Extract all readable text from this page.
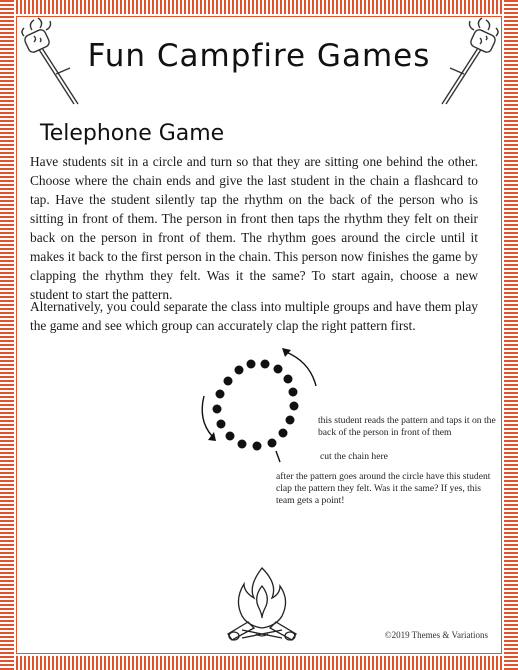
Fun Campfire Games
Telephone Game
Have students sit in a circle and turn so that they are sitting one behind the other. Choose where the chain ends and give the last student in the chain a flashcard to tap. Have the student silently tap the rhythm on the back of the person who is sitting in front of them. The person in front then taps the rhythm they felt on their back on the person in front of them. The rhythm goes around the circle until it makes it back to the first person in the chain. This person now finishes the game by clapping the rhythm they felt. Was it the same? To start again, choose a new student to start the pattern.
Alternatively, you could separate the class into multiple groups and have them play the game and see which group can accurately clap the right pattern first.
this student reads the pattern and taps it on the back of the person in front of them
cut the chain here
after the pattern goes around the circle have this student clap the pattern they felt. Was it the same? If yes, this team gets a point!
©2019 Themes & Variations
